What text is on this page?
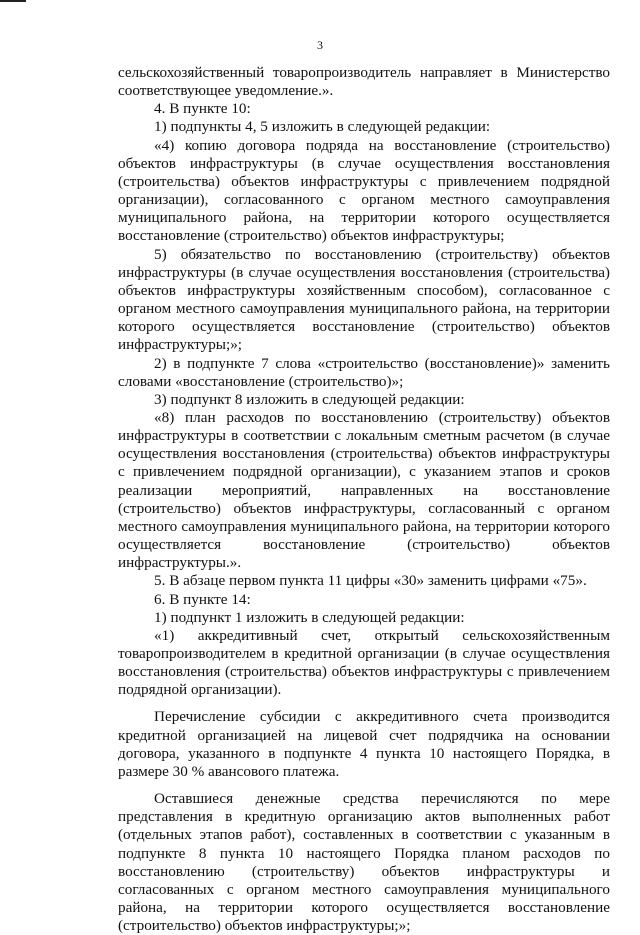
3

сельскохозяйственный товаропроизводитель направляет в Министерство соответствующее уведомление.».

4. В пункте 10:

1) подпункты 4, 5 изложить в следующей редакции:

«4) копию договора подряда на восстановление (строительство) объектов инфраструктуры (в случае осуществления восстановления (строительства) объектов инфраструктуры с привлечением подрядной организации), согласованного с органом местного самоуправления муниципального района, на территории которого осуществляется восстановление (строительство) объектов инфраструктуры;

5) обязательство по восстановлению (строительству) объектов инфраструктуры (в случае осуществления восстановления (строительства) объектов инфраструктуры хозяйственным способом), согласованное с органом местного самоуправления муниципального района, на территории которого осуществляется восстановление (строительство) объектов инфраструктуры;»;

2) в подпункте 7 слова «строительство (восстановление)» заменить словами «восстановление (строительство)»;

3) подпункт 8 изложить в следующей редакции:

«8) план расходов по восстановлению (строительству) объектов инфраструктуры в соответствии с локальным сметным расчетом (в случае осуществления восстановления (строительства) объектов инфраструктуры с привлечением подрядной организации), с указанием этапов и сроков реализации мероприятий, направленных на восстановление (строительство) объектов инфраструктуры, согласованный с органом местного самоуправления муниципального района, на территории которого осуществляется восстановление (строительство) объектов инфраструктуры.».

5. В абзаце первом пункта 11 цифры «30» заменить цифрами «75».

6. В пункте 14:

1) подпункт 1 изложить в следующей редакции:

«1) аккредитивный счет, открытый сельскохозяйственным товаропроизводителем в кредитной организации (в случае осуществления восстановления (строительства) объектов инфраструктуры с привлечением подрядной организации).

Перечисление субсидии с аккредитивного счета производится кредитной организацией на лицевой счет подрядчика на основании договора, указанного в подпункте 4 пункта 10 настоящего Порядка, в размере 30 % авансового платежа.

Оставшиеся денежные средства перечисляются по мере представления в кредитную организацию актов выполненных работ (отдельных этапов работ), составленных в соответствии с указанным в подпункте 8 пункта 10 настоящего Порядка планом расходов по восстановлению (строительству) объектов инфраструктуры и согласованных с органом местного самоуправления муниципального района, на территории которого осуществляется восстановление (строительство) объектов инфраструктуры;»;
